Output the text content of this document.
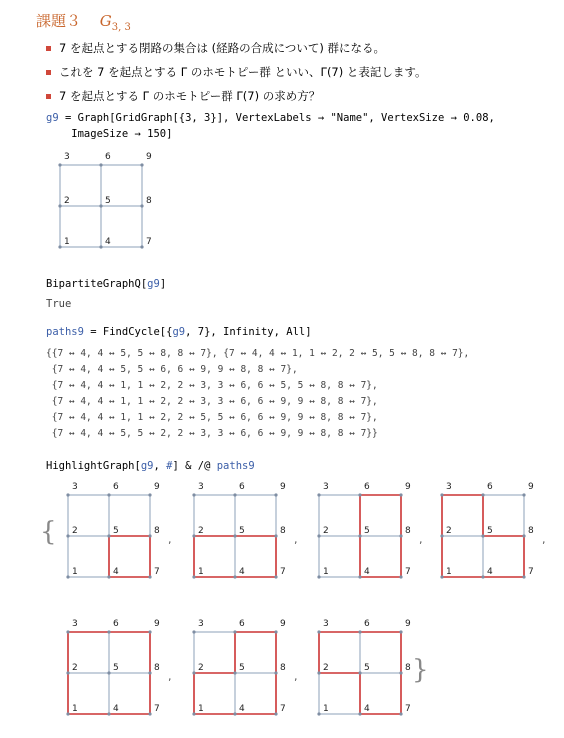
課題３ $G_{3, 3}$
7 を起点とする閉路の集合は (経路の合成について) 群になる。
これを 7 を起点とする Γ のホモトピー群 といい、Γ(7) と表記します。
7 を起点とする Γ のホモトピー群 Γ(7) の求め方？
g9 = Graph[GridGraph[{3, 3}], VertexLabels → "Name", VertexSize → 0.08,
ImageSize → 150]
1
2
3
4
5
6
7
8
9
BipartiteGraphQ[g9]
True
paths9 = FindCycle[{g9, 7}, Infinity, All]
{{7 ↔ 4, 4 ↔ 5, 5 ↔ 8, 8 ↔ 7}, {7 ↔ 4, 4 ↔ 1, 1 ↔ 2, 2 ↔ 5, 5 ↔ 8, 8 ↔ 7},
{7 ↔ 4, 4 ↔ 5, 5 ↔ 6, 6 ↔ 9, 9 ↔ 8, 8 ↔ 7},
{7 ↔ 4, 4 ↔ 1, 1 ↔ 2, 2 ↔ 3, 3 ↔ 6, 6 ↔ 5, 5 ↔ 8, 8 ↔ 7},
{7 ↔ 4, 4 ↔ 1, 1 ↔ 2, 2 ↔ 3, 3 ↔ 6, 6 ↔ 9, 9 ↔ 8, 8 ↔ 7},
{7 ↔ 4, 4 ↔ 1, 1 ↔ 2, 2 ↔ 5, 5 ↔ 6, 6 ↔ 9, 9 ↔ 8, 8 ↔ 7},
{7 ↔ 4, 4 ↔ 5, 5 ↔ 2, 2 ↔ 3, 3 ↔ 6, 6 ↔ 9, 9 ↔ 8, 8 ↔ 7}}
HighlightGraph[g9, #] & /@ paths9
{
}
1
2
3
4
5
6
7
8
9
,
1
2
3
4
5
6
7
8
9
,
1
2
3
4
5
6
7
8
9
,
1
2
3
4
5
6
7
8
9
,
1
2
3
4
5
6
7
8
9
,
1
2
3
4
5
6
7
8
9
,
1
2
3
4
5
6
7
8
9
